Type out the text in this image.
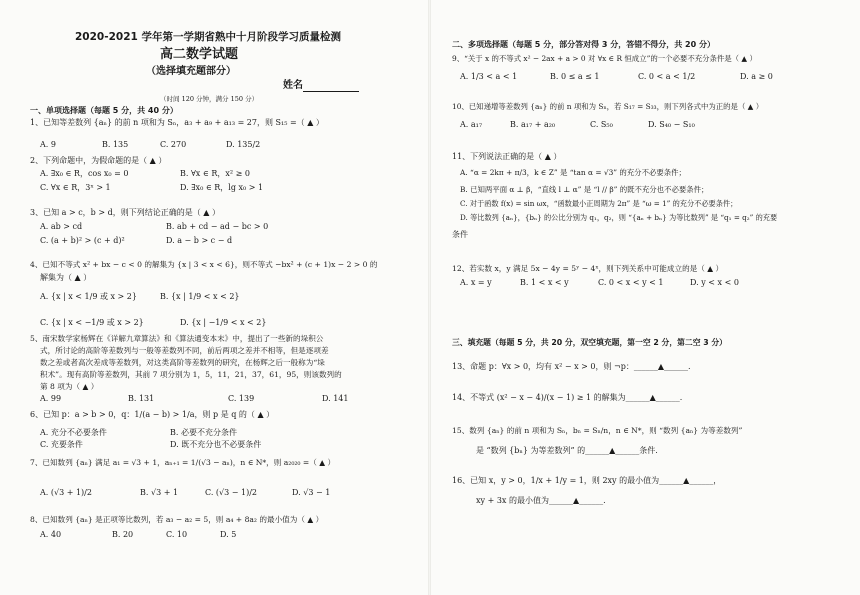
2020-2021 学年第一学期省熟中十月阶段学习质量检测
高二数学试题
（选择填充题部分）
姓名
（时间 120 分钟，满分 150 分）
一、单项选择题（每题 5 分，共 40 分）
1、已知等差数列 {aₙ} 的前 n 项和为 Sₙ，a₃ + a₉ + a₁₃ = 27，则 S₁₅ =（ ▲ ）
A. 9	B. 135	C. 270	D. 135/2
2、下列命题中，为假命题的是（ ▲ ）
A. ∃x₀ ∈ R，cos x₀ = 0	B. ∀x ∈ R，x² ≥ 0
C. ∀x ∈ R，3ˣ > 1	D. ∃x₀ ∈ R，lg x₀ > 1
3、已知 a > c，b > d，则下列结论正确的是（ ▲ ）
A. ab > cd	B. ab + cd − ad − bc > 0
C. (a + b)² > (c + d)²	D. a − b > c − d
4、已知不等式 x² + bx − c < 0 的解集为 {x | 3 < x < 6}，则不等式 −bx² + (c + 1)x − 2 > 0 的
解集为（ ▲ ）
A. {x | x < 1/9 或 x > 2}	B. {x | 1/9 < x < 2}
C. {x | x < −1/9 或 x > 2}	D. {x | −1/9 < x < 2}
5、南宋数学家杨辉在《详解九章算法》和《算法通变本末》中，提出了一些新的垛积公
式，所讨论的高阶等差数列与一般等差数列不同，前后两项之差并不相等，但是逐项差
数之差或者高次差成等差数列，对这类高阶等差数列的研究，在杨辉之后一般称为“垛
积术”。现有高阶等差数列，其前 7 项分别为 1，5，11，21，37，61，95，则该数列的
第 8 项为（ ▲ ）
A. 99	B. 131	C. 139	D. 141
6、已知 p：a > b > 0，q：1/(a − b) > 1/a，则 p 是 q 的（ ▲ ）
A. 充分不必要条件	B. 必要不充分条件
C. 充要条件	D. 既不充分也不必要条件
7、已知数列 {aₙ} 满足 a₁ = √3 + 1，aₙ₊₁ = 1/(√3 − aₙ)，n ∈ N*，则 a₂₀₂₀ =（ ▲ ）
A. (√3 + 1)/2	B. √3 + 1	C. (√3 − 1)/2	D. √3 − 1
8、已知数列 {aₙ} 是正项等比数列，若 a₃ − a₂ = 5，则 a₄ + 8a₂ 的最小值为（ ▲ ）
A. 40	B. 20	C. 10	D. 5
二、多项选择题（每题 5 分，部分答对得 3 分，答错不得分，共 20 分）
9、“关于 x 的不等式 x² − 2ax + a > 0 对 ∀x ∈ R 恒成立”的一个必要不充分条件是（ ▲ ）
A. 1/3 < a < 1	B. 0 ≤ a ≤ 1	C. 0 < a < 1/2	D. a ≥ 0
10、已知递增等差数列 {aₙ} 的前 n 项和为 Sₙ，若 S₁₇ = S₃₃，则下列各式中为正的是（ ▲ ）
A. a₁₇	B. a₁₇ + a₂₀	C. S₅₀	D. S₄₀ − S₁₀
11、下列说法正确的是（ ▲ ）
A. “α = 2kπ + π/3，k ∈ Z” 是 “tan α = √3” 的充分不必要条件；
B. 已知两平面 α ⊥ β，“直线 l ⊥ α” 是 “l // β” 的既不充分也不必要条件；
C. 对于函数 f(x) = sin ωx，“函数最小正周期为 2π” 是 “ω = 1” 的充分不必要条件；
D. 等比数列 {aₙ}，{bₙ} 的公比分别为 q₁，q₂，则 “{aₙ + bₙ} 为等比数列” 是 “q₁ = q₂” 的充要
条件
12、若实数 x，y 满足 5x − 4y = 5ʸ − 4ˣ，则下列关系中可能成立的是（ ▲ ）
A. x = y	B. 1 < x < y	C. 0 < x < y < 1	D. y < x < 0
三、填充题（每题 5 分，共 20 分，双空填充题，第一空 2 分，第二空 3 分）
13、命题 p：∀x > 0，均有 x² − x > 0，则 ¬p：______▲______.
14、不等式 (x² − x − 4)/(x − 1) ≥ 1 的解集为______▲______.
15、数列 {aₙ} 的前 n 项和为 Sₙ，bₙ = Sₙ/n，n ∈ N*，则 “数列 {aₙ} 为等差数列”
是 “数列 {bₙ} 为等差数列” 的______▲______条件.
16、已知 x，y > 0，1/x + 1/y = 1，则 2xy 的最小值为______▲______，
xy + 3x 的最小值为______▲______.
